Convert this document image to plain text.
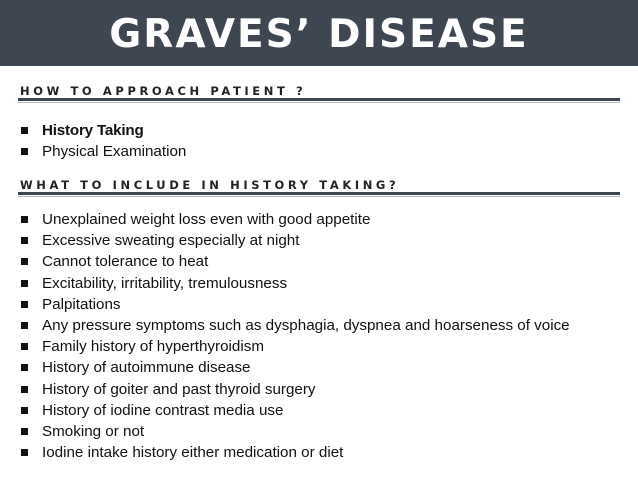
GRAVES’ DISEASE
HOW TO APPROACH PATIENT ?
History Taking
Physical Examination
WHAT TO INCLUDE IN HISTORY TAKING?
Unexplained weight loss even with good appetite
Excessive sweating especially at night
Cannot tolerance to heat
Excitability, irritability, tremulousness
Palpitations
Any pressure symptoms such as dysphagia, dyspnea and hoarseness of voice
Family history of hyperthyroidism
History of autoimmune disease
History of goiter and past thyroid surgery
History of iodine contrast media use
Smoking or not
Iodine intake history either medication or diet
